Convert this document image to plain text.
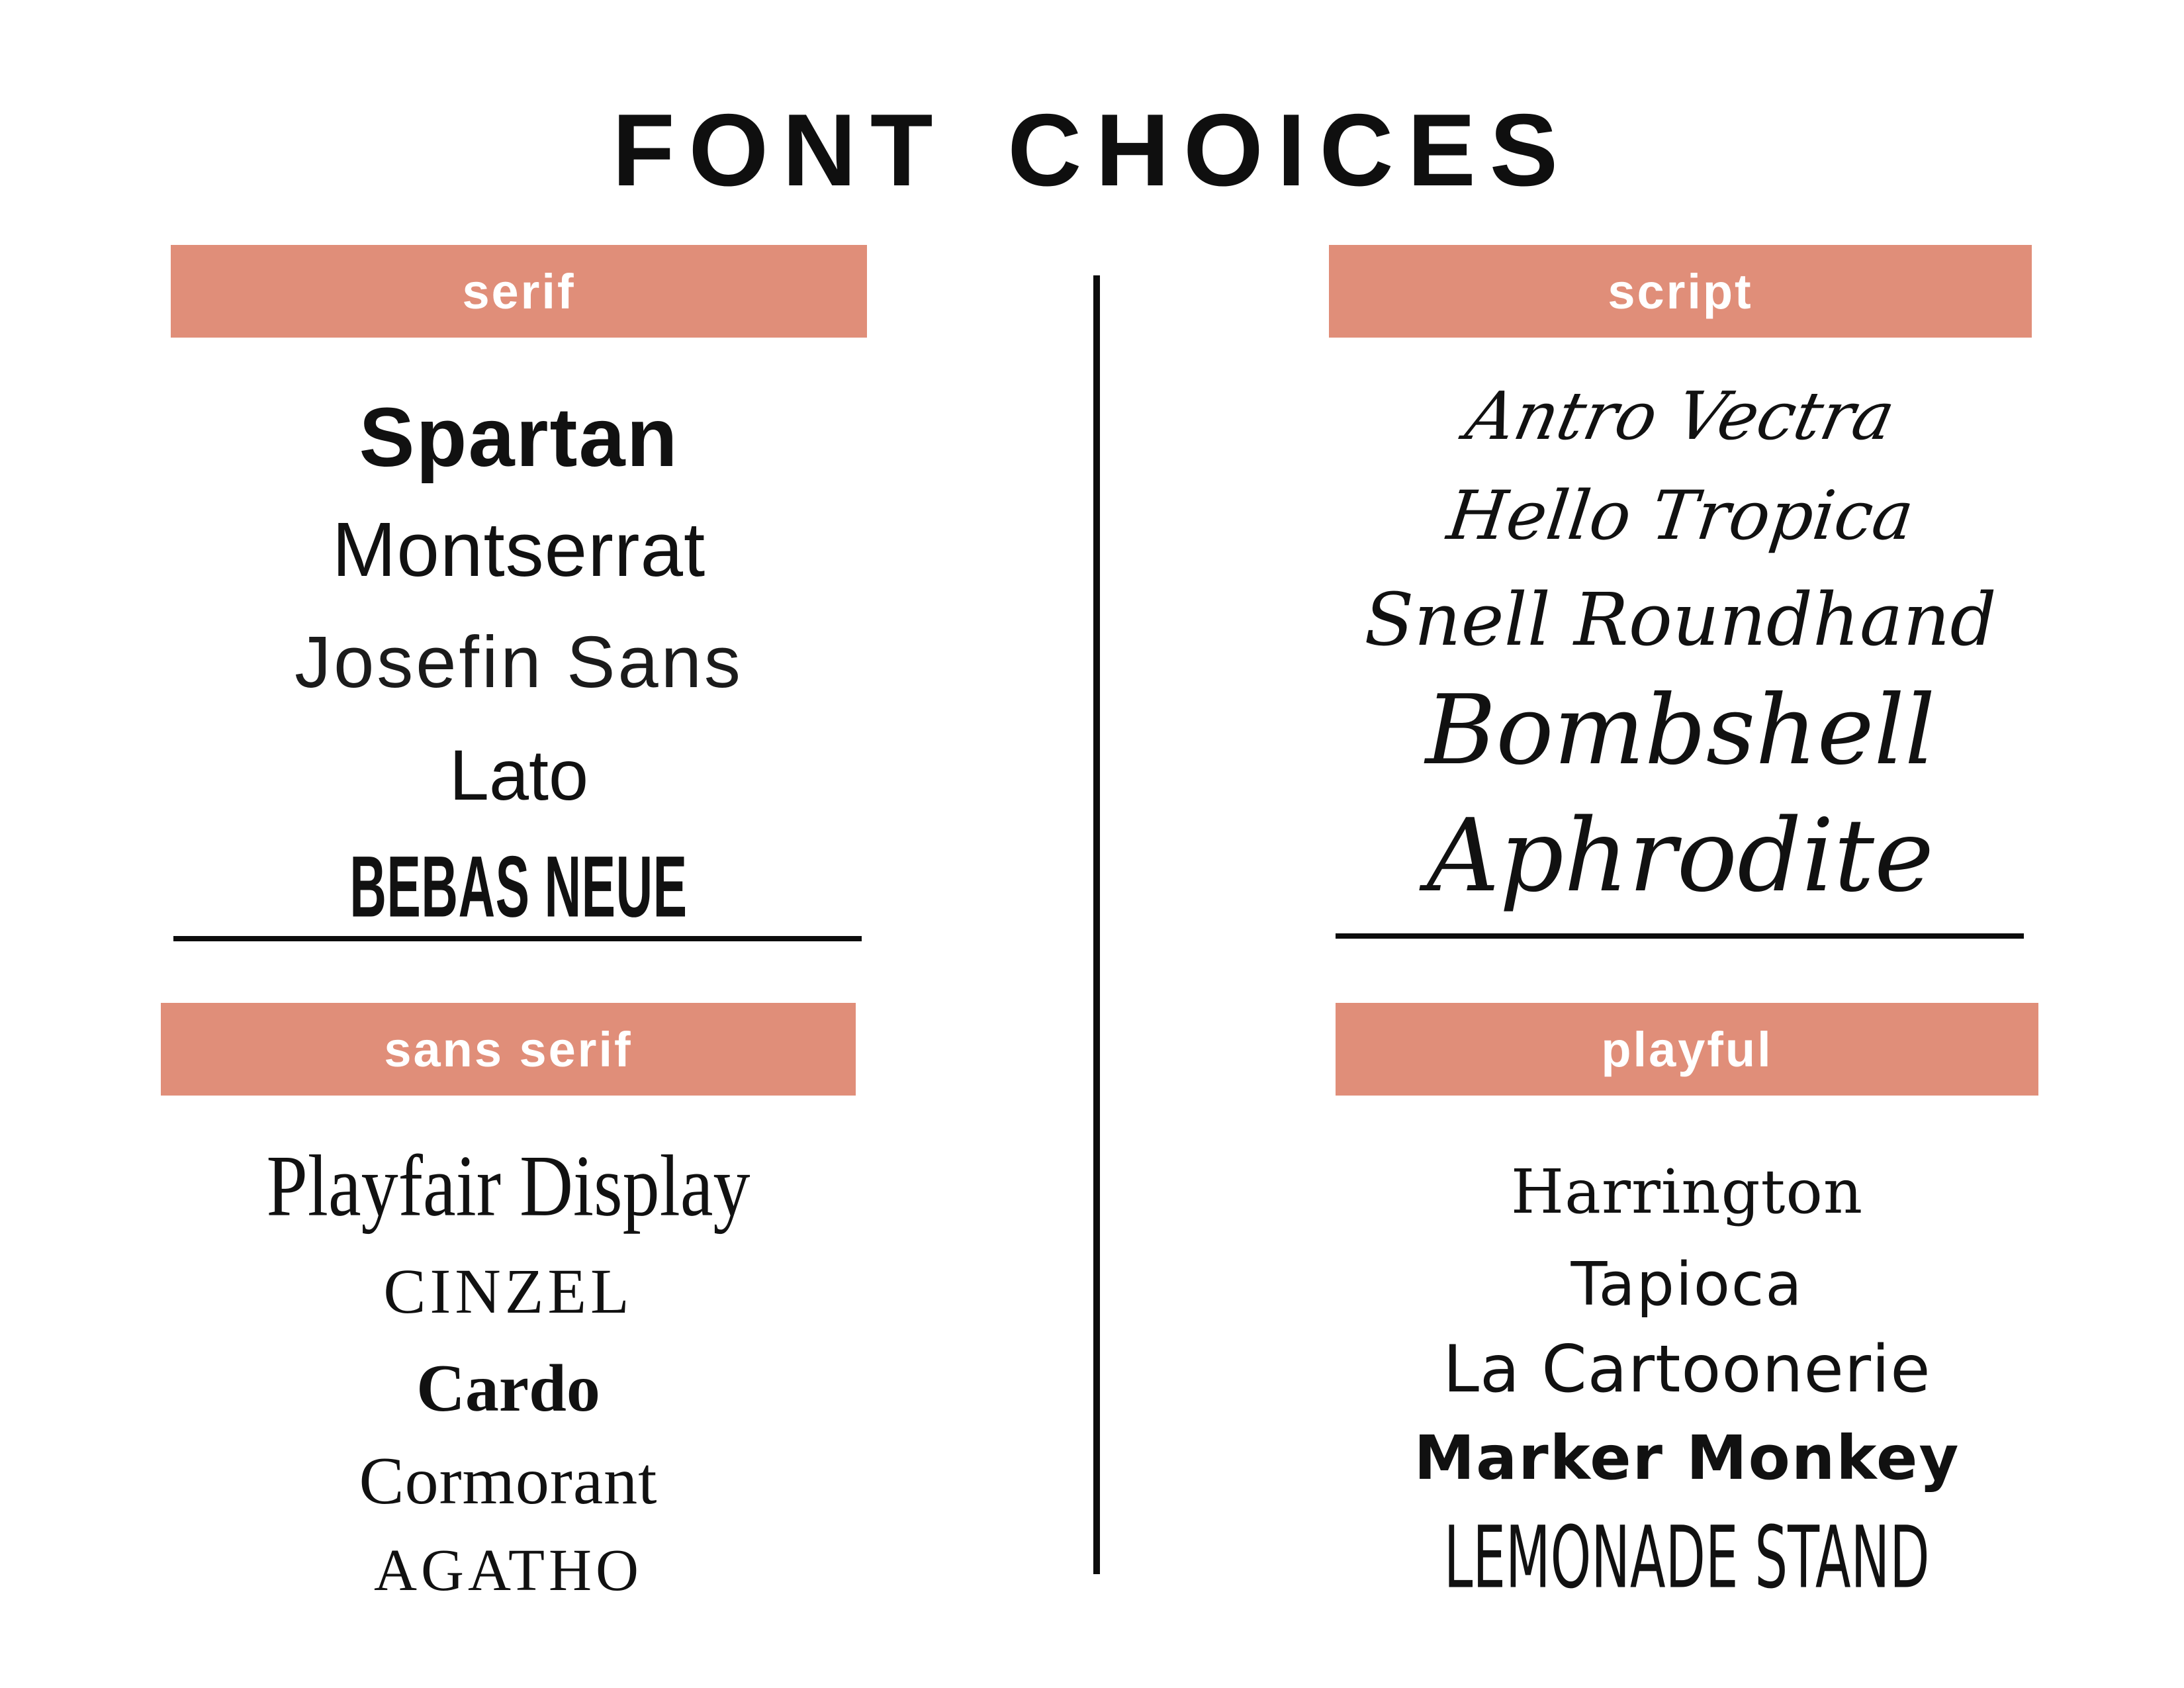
FONT CHOICES
serif	script
sans serif	playful
Spartan
Montserrat
Josefin Sans
Lato
BEBAS NEUE
Antro Vectra
Hello Tropica
Snell Roundhand
Bombshell
Aphrodite
Playfair Display
CINZEL
Cardo
Cormorant
AGATHO
Harrington
Tapioca
La Cartoonerie
Marker Monkey
LEMONADE STAND
